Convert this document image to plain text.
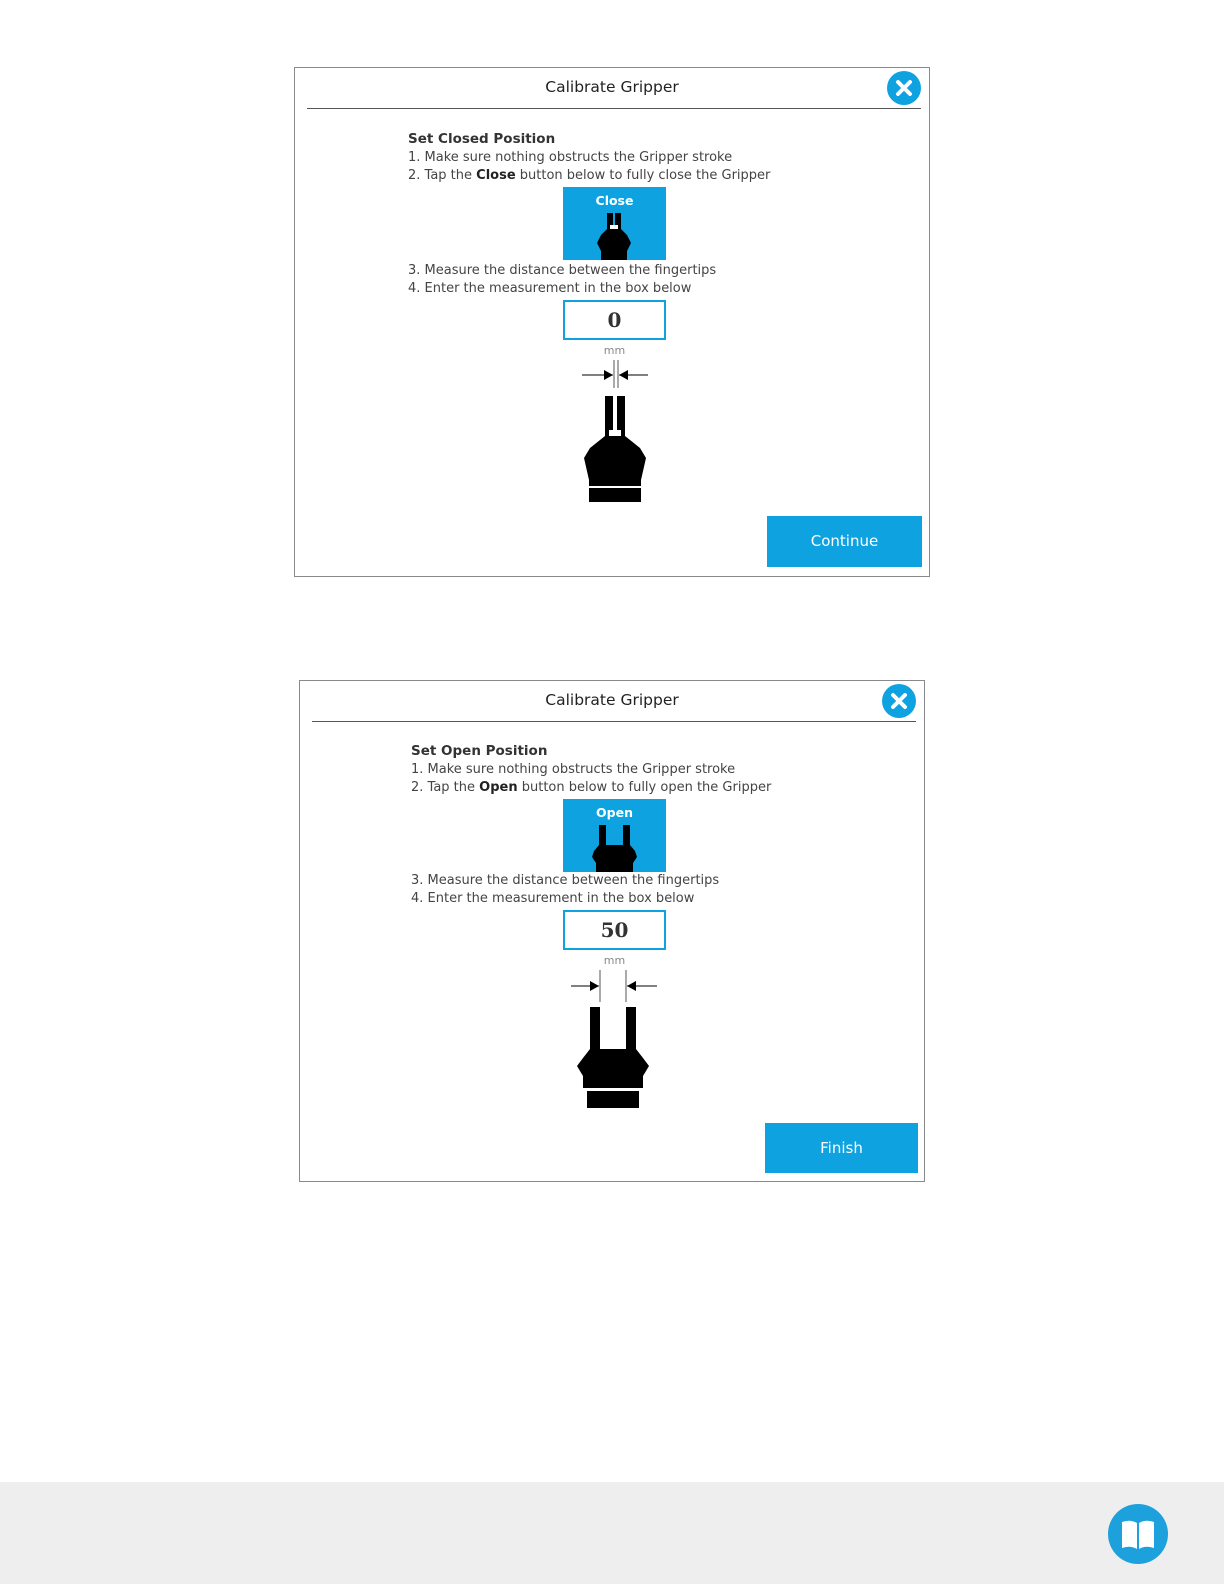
Calibrate Gripper
Set Closed Position
1. Make sure nothing obstructs the Gripper stroke
2. Tap the Close button below to fully close the Gripper
Close
3. Measure the distance between the fingertips
4. Enter the measurement in the box below
0
mm
Continue
Calibrate Gripper
Set Open Position
1. Make sure nothing obstructs the Gripper stroke
2. Tap the Open button below to fully open the Gripper
Open
3. Measure the distance between the fingertips
4. Enter the measurement in the box below
50
mm
Finish
